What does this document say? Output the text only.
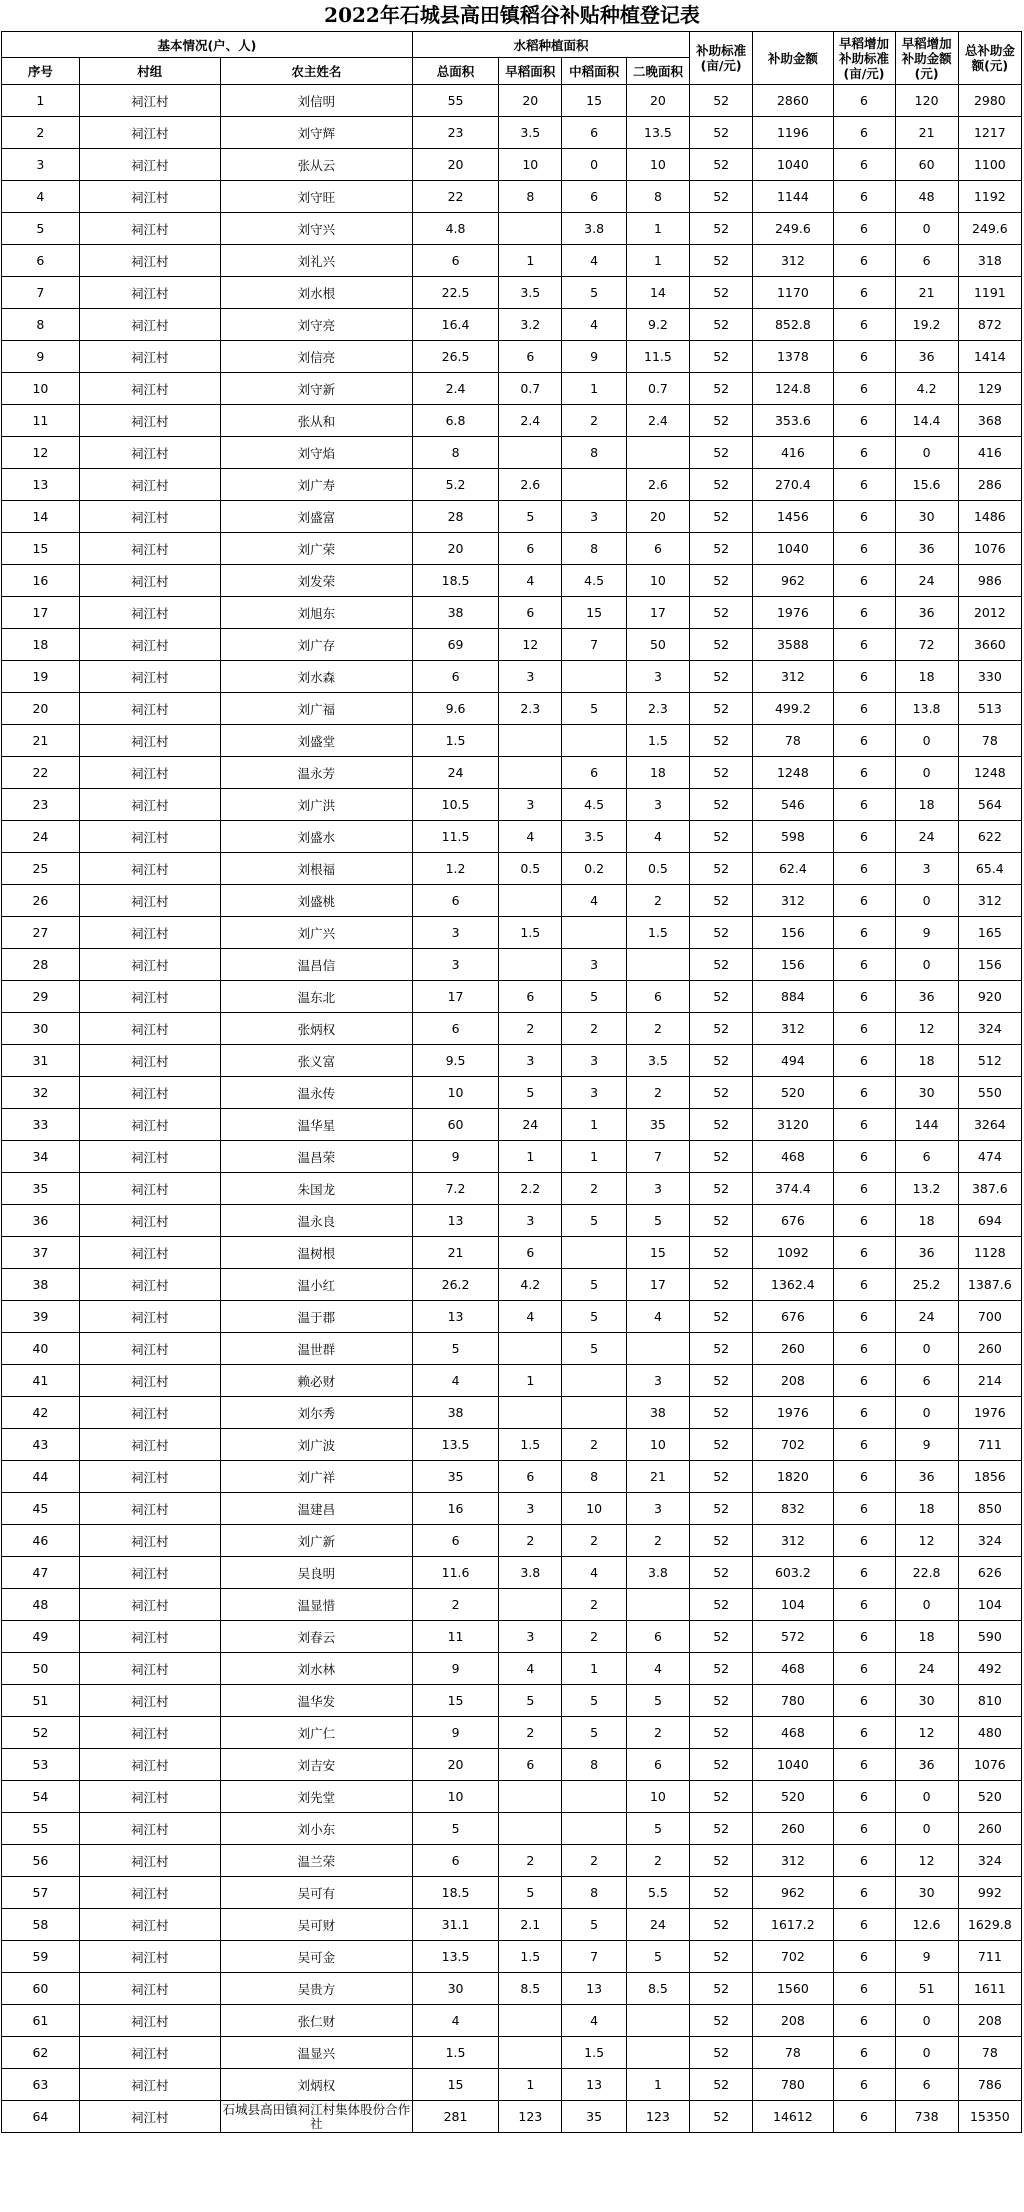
2022年石城县高田镇稻谷补贴种植登记表
基本情况(户、人)			水稻种植面积				补助标准(亩/元)	补助金额	早稻增加补助标准(亩/元)	早稻增加补助金额(元)	总补助金额(元)
序号	村组	农主姓名	总面积	早稻面积	中稻面积	二晚面积					
1	祠江村	刘信明	55	20	15	20	52	2860	6	120	2980
2	祠江村	刘守辉	23	3.5	6	13.5	52	1196	6	21	1217
3	祠江村	张从云	20	10	0	10	52	1040	6	60	1100
4	祠江村	刘守旺	22	8	6	8	52	1144	6	48	1192
5	祠江村	刘守兴	4.8		3.8	1	52	249.6	6	0	249.6
6	祠江村	刘礼兴	6	1	4	1	52	312	6	6	318
7	祠江村	刘水根	22.5	3.5	5	14	52	1170	6	21	1191
8	祠江村	刘守亮	16.4	3.2	4	9.2	52	852.8	6	19.2	872
9	祠江村	刘信亮	26.5	6	9	11.5	52	1378	6	36	1414
10	祠江村	刘守新	2.4	0.7	1	0.7	52	124.8	6	4.2	129
11	祠江村	张从和	6.8	2.4	2	2.4	52	353.6	6	14.4	368
12	祠江村	刘守焰	8		8		52	416	6	0	416
13	祠江村	刘广寿	5.2	2.6		2.6	52	270.4	6	15.6	286
14	祠江村	刘盛富	28	5	3	20	52	1456	6	30	1486
15	祠江村	刘广荣	20	6	8	6	52	1040	6	36	1076
16	祠江村	刘发荣	18.5	4	4.5	10	52	962	6	24	986
17	祠江村	刘旭东	38	6	15	17	52	1976	6	36	2012
18	祠江村	刘广存	69	12	7	50	52	3588	6	72	3660
19	祠江村	刘水森	6	3		3	52	312	6	18	330
20	祠江村	刘广福	9.6	2.3	5	2.3	52	499.2	6	13.8	513
21	祠江村	刘盛堂	1.5			1.5	52	78	6	0	78
22	祠江村	温永芳	24		6	18	52	1248	6	0	1248
23	祠江村	刘广洪	10.5	3	4.5	3	52	546	6	18	564
24	祠江村	刘盛水	11.5	4	3.5	4	52	598	6	24	622
25	祠江村	刘根福	1.2	0.5	0.2	0.5	52	62.4	6	3	65.4
26	祠江村	刘盛桃	6		4	2	52	312	6	0	312
27	祠江村	刘广兴	3	1.5		1.5	52	156	6	9	165
28	祠江村	温昌信	3		3		52	156	6	0	156
29	祠江村	温东北	17	6	5	6	52	884	6	36	920
30	祠江村	张炳权	6	2	2	2	52	312	6	12	324
31	祠江村	张义富	9.5	3	3	3.5	52	494	6	18	512
32	祠江村	温永传	10	5	3	2	52	520	6	30	550
33	祠江村	温华星	60	24	1	35	52	3120	6	144	3264
34	祠江村	温昌荣	9	1	1	7	52	468	6	6	474
35	祠江村	朱国龙	7.2	2.2	2	3	52	374.4	6	13.2	387.6
36	祠江村	温永良	13	3	5	5	52	676	6	18	694
37	祠江村	温树根	21	6		15	52	1092	6	36	1128
38	祠江村	温小红	26.2	4.2	5	17	52	1362.4	6	25.2	1387.6
39	祠江村	温于郡	13	4	5	4	52	676	6	24	700
40	祠江村	温世群	5		5		52	260	6	0	260
41	祠江村	赖必财	4	1		3	52	208	6	6	214
42	祠江村	刘尔秀	38			38	52	1976	6	0	1976
43	祠江村	刘广波	13.5	1.5	2	10	52	702	6	9	711
44	祠江村	刘广祥	35	6	8	21	52	1820	6	36	1856
45	祠江村	温建昌	16	3	10	3	52	832	6	18	850
46	祠江村	刘广新	6	2	2	2	52	312	6	12	324
47	祠江村	吴良明	11.6	3.8	4	3.8	52	603.2	6	22.8	626
48	祠江村	温显惜	2		2		52	104	6	0	104
49	祠江村	刘春云	11	3	2	6	52	572	6	18	590
50	祠江村	刘水林	9	4	1	4	52	468	6	24	492
51	祠江村	温华发	15	5	5	5	52	780	6	30	810
52	祠江村	刘广仁	9	2	5	2	52	468	6	12	480
53	祠江村	刘吉安	20	6	8	6	52	1040	6	36	1076
54	祠江村	刘先堂	10			10	52	520	6	0	520
55	祠江村	刘小东	5			5	52	260	6	0	260
56	祠江村	温兰荣	6	2	2	2	52	312	6	12	324
57	祠江村	吴可有	18.5	5	8	5.5	52	962	6	30	992
58	祠江村	吴可财	31.1	2.1	5	24	52	1617.2	6	12.6	1629.8
59	祠江村	吴可金	13.5	1.5	7	5	52	702	6	9	711
60	祠江村	吴贵方	30	8.5	13	8.5	52	1560	6	51	1611
61	祠江村	张仁财	4		4		52	208	6	0	208
62	祠江村	温显兴	1.5		1.5		52	78	6	0	78
63	祠江村	刘炳权	15	1	13	1	52	780	6	6	786
64	祠江村	石城县高田镇祠江村集体股份合作社	281	123	35	123	52	14612	6	738	15350
